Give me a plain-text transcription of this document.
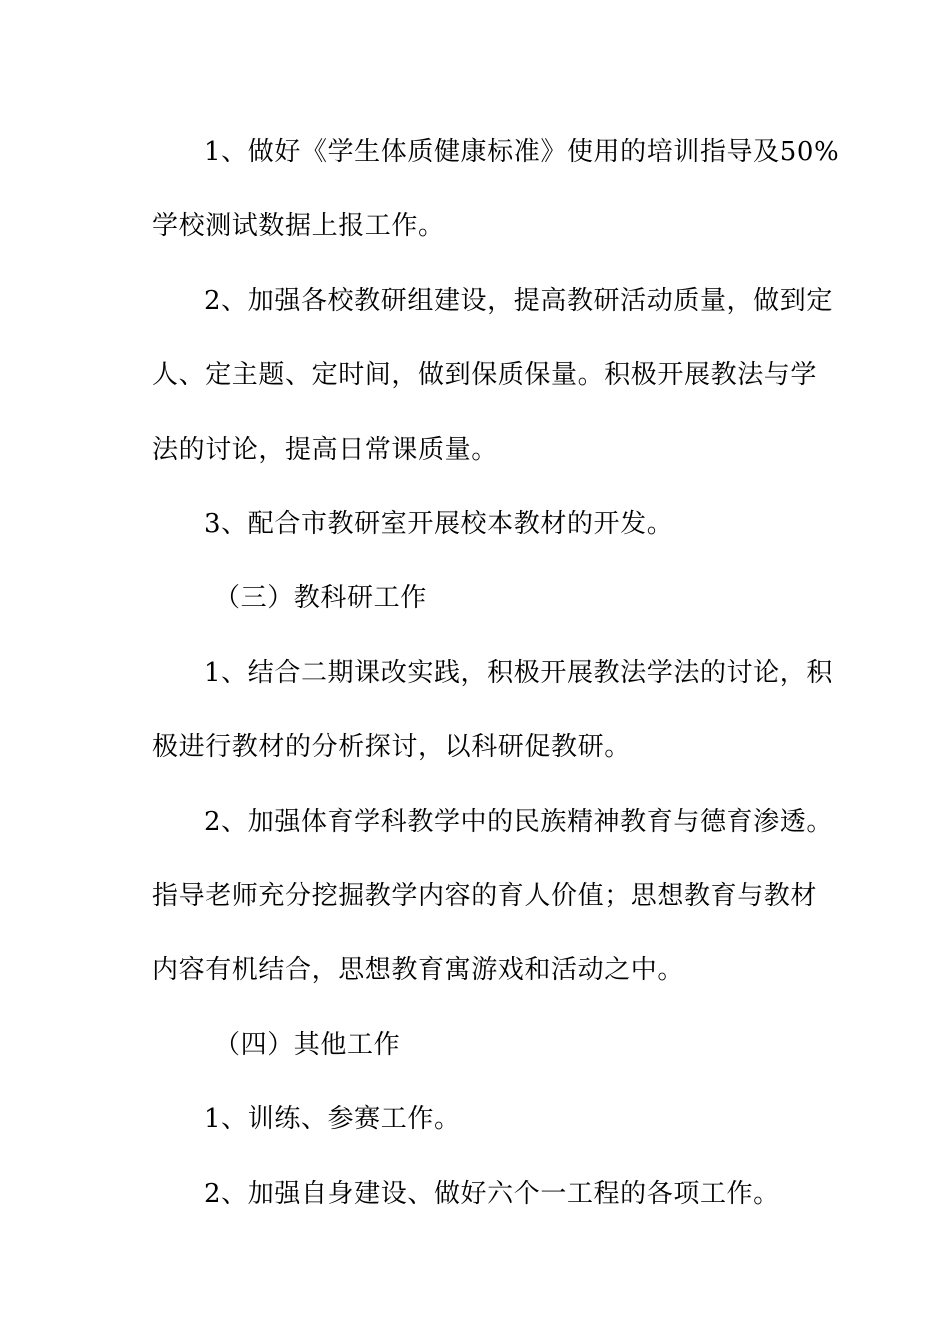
1、做好《学生体质健康标准》使用的培训指导及50%
学校测试数据上报工作。
2、加强各校教研组建设，提高教研活动质量，做到定
人、定主题、定时间，做到保质保量。积极开展教法与学
法的讨论，提高日常课质量。
3、配合市教研室开展校本教材的开发。
（三）教科研工作
1、结合二期课改实践，积极开展教法学法的讨论，积
极进行教材的分析探讨，以科研促教研。
2、加强体育学科教学中的民族精神教育与德育渗透。
指导老师充分挖掘教学内容的育人价值；思想教育与教材
内容有机结合，思想教育寓游戏和活动之中。
（四）其他工作
1、训练、参赛工作。
2、加强自身建设、做好六个一工程的各项工作。
